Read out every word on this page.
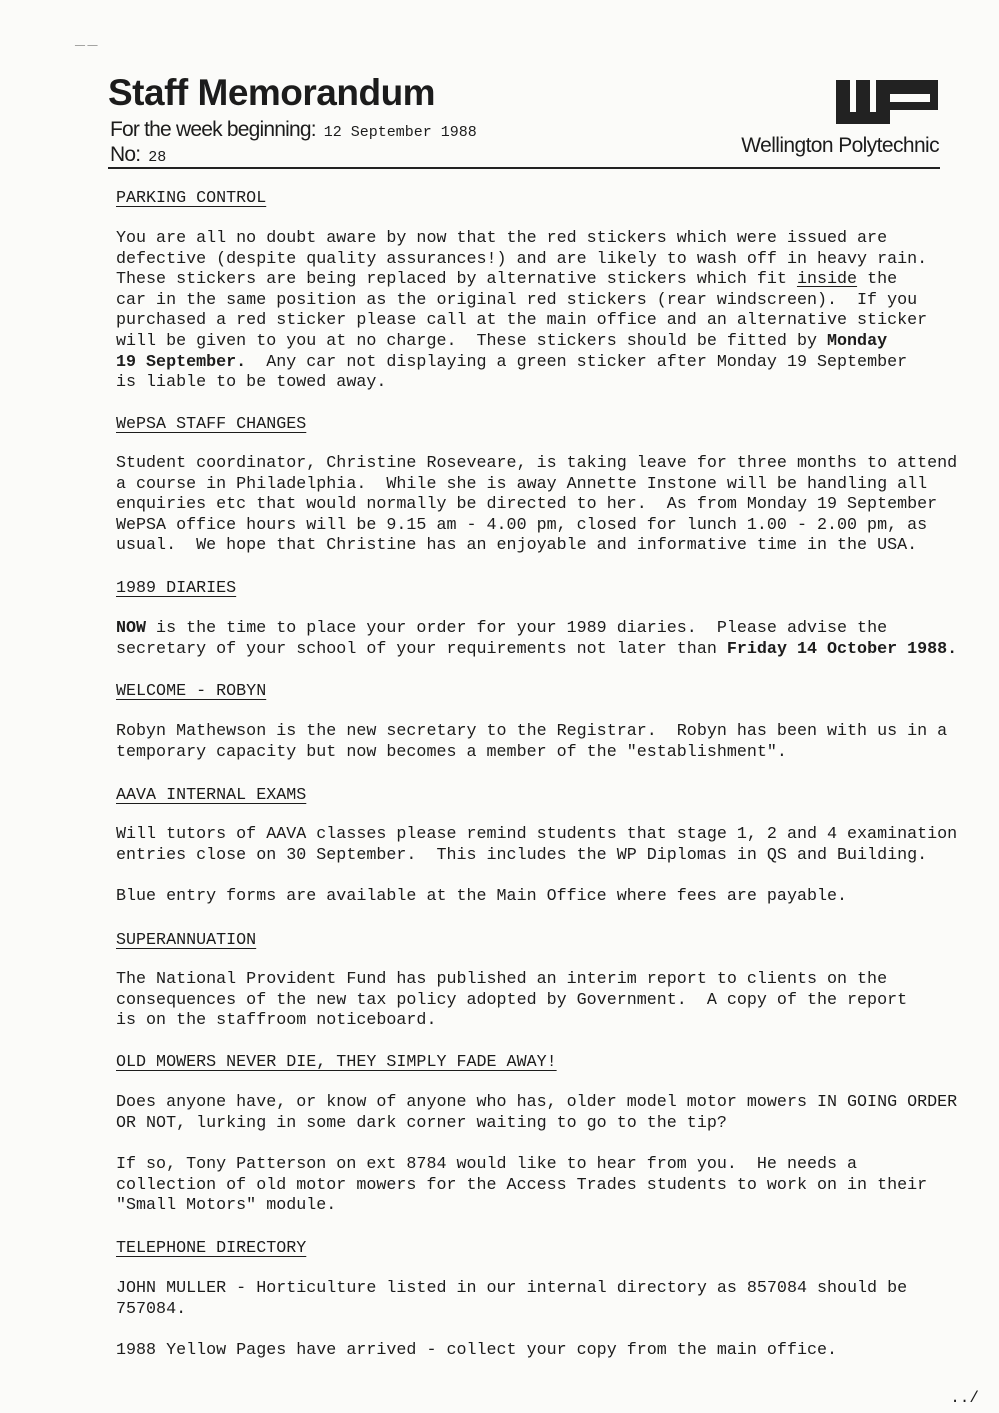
― ―
Staff Memorandum
For the week beginning: 12 September 1988
No: 28
Wellington Polytechnic
PARKING CONTROL
You are all no doubt aware by now that the red stickers which were issued are
defective (despite quality assurances!) and are likely to wash off in heavy rain.
These stickers are being replaced by alternative stickers which fit inside the
car in the same position as the original red stickers (rear windscreen).  If you
purchased a red sticker please call at the main office and an alternative sticker
will be given to you at no charge.  These stickers should be fitted by Monday
19 September.  Any car not displaying a green sticker after Monday 19 September
is liable to be towed away.
WePSA STAFF CHANGES
Student coordinator, Christine Roseveare, is taking leave for three months to attend
a course in Philadelphia.  While she is away Annette Instone will be handling all
enquiries etc that would normally be directed to her.  As from Monday 19 September
WePSA office hours will be 9.15 am - 4.00 pm, closed for lunch 1.00 - 2.00 pm, as
usual.  We hope that Christine has an enjoyable and informative time in the USA.
1989 DIARIES
NOW is the time to place your order for your 1989 diaries.  Please advise the
secretary of your school of your requirements not later than Friday 14 October 1988.
WELCOME - ROBYN
Robyn Mathewson is the new secretary to the Registrar.  Robyn has been with us in a
temporary capacity but now becomes a member of the "establishment".
AAVA INTERNAL EXAMS
Will tutors of AAVA classes please remind students that stage 1, 2 and 4 examination
entries close on 30 September.  This includes the WP Diplomas in QS and Building.
Blue entry forms are available at the Main Office where fees are payable.
SUPERANNUATION
The National Provident Fund has published an interim report to clients on the
consequences of the new tax policy adopted by Government.  A copy of the report
is on the staffroom noticeboard.
OLD MOWERS NEVER DIE, THEY SIMPLY FADE AWAY!
Does anyone have, or know of anyone who has, older model motor mowers IN GOING ORDER
OR NOT, lurking in some dark corner waiting to go to the tip?
If so, Tony Patterson on ext 8784 would like to hear from you.  He needs a
collection of old motor mowers for the Access Trades students to work on in their
"Small Motors" module.
TELEPHONE DIRECTORY
JOHN MULLER - Horticulture listed in our internal directory as 857084 should be
757084.
1988 Yellow Pages have arrived - collect your copy from the main office.
../
